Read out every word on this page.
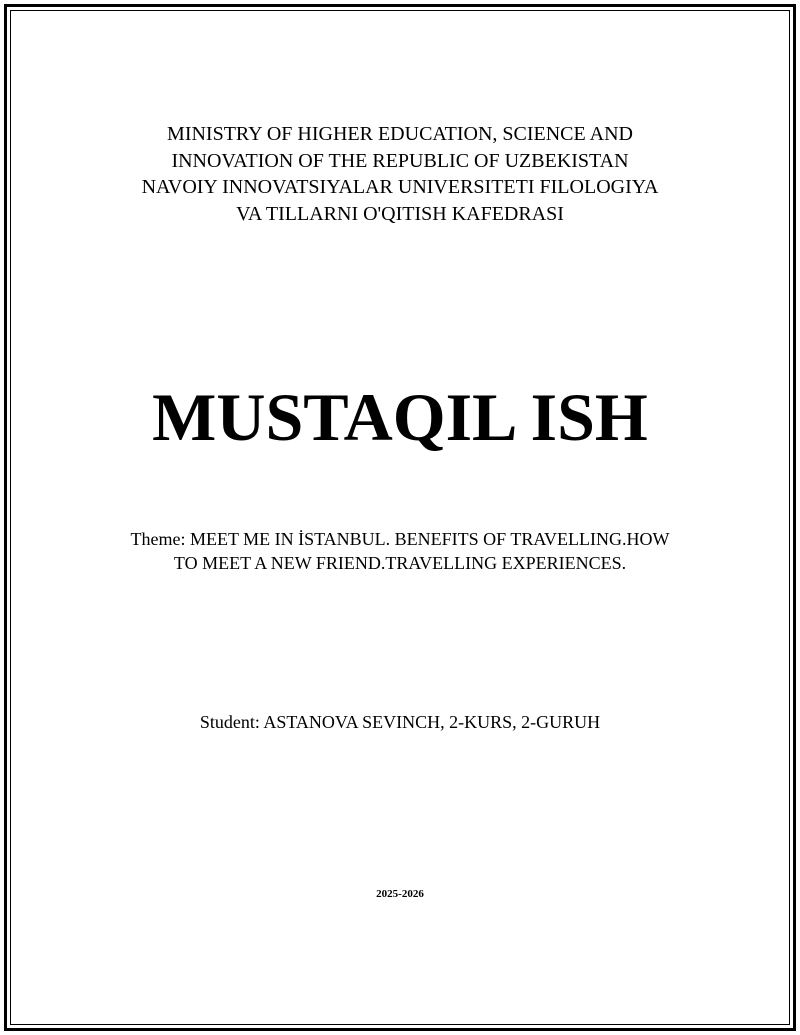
MINISTRY OF HIGHER EDUCATION, SCIENCE AND
INNOVATION OF THE REPUBLIC OF UZBEKISTAN
NAVOIY INNOVATSIYALAR UNIVERSITETI FILOLOGIYA
VA TILLARNI O'QITISH KAFEDRASI
MUSTAQIL ISH
Theme: MEET ME IN İSTANBUL. BENEFITS OF TRAVELLING.HOW
TO MEET A NEW FRIEND.TRAVELLING EXPERIENCES.
Student: ASTANOVA SEVINCH, 2-KURS, 2-GURUH
2025-2026
